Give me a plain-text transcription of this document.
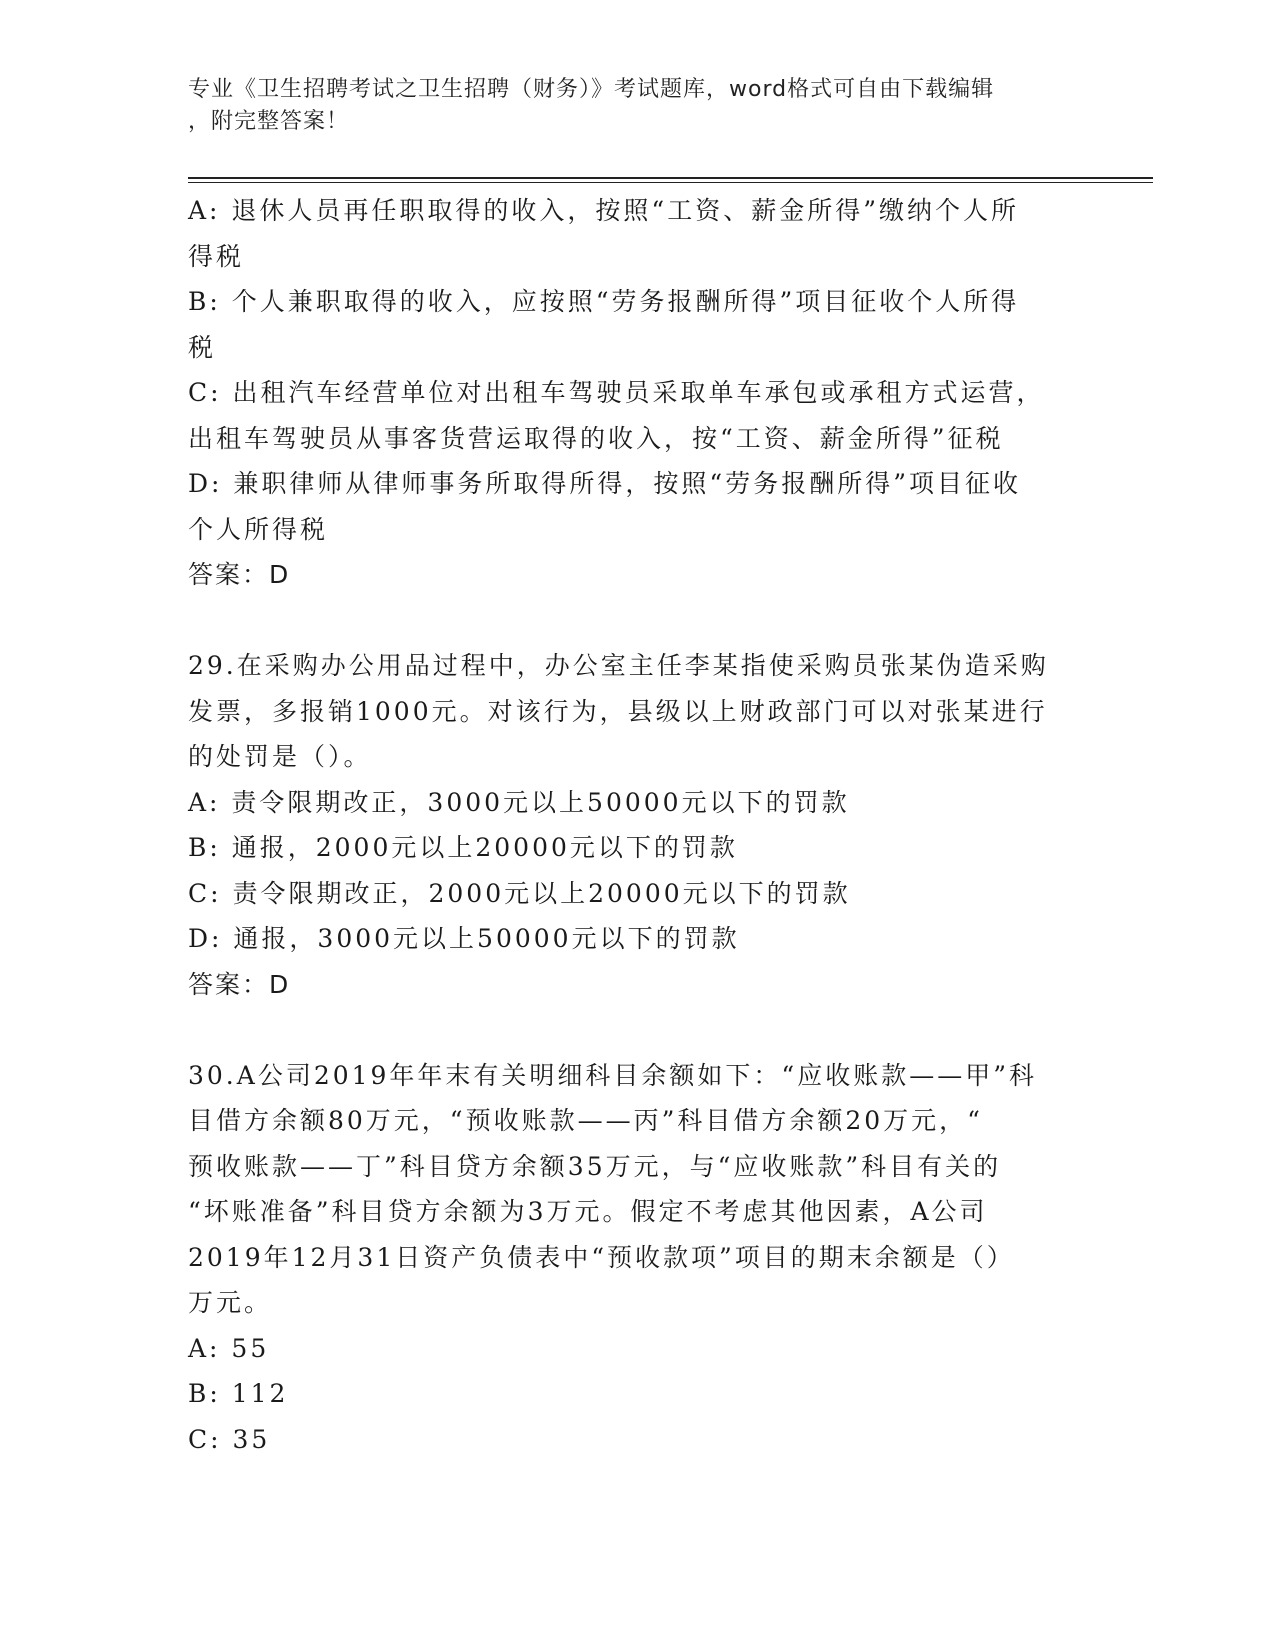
专业《卫生招聘考试之卫生招聘（财务）》考试题库，word格式可自由下载编辑
，附完整答案！
A: 退休人员再任职取得的收入，按照“工资、薪金所得”缴纳个人所
得税
B: 个人兼职取得的收入，应按照“劳务报酬所得”项目征收个人所得
税
C: 出租汽车经营单位对出租车驾驶员采取单车承包或承租方式运营，
出租车驾驶员从事客货营运取得的收入，按“工资、薪金所得”征税
D: 兼职律师从律师事务所取得所得，按照“劳务报酬所得”项目征收
个人所得税
答案：D
29.在采购办公用品过程中，办公室主任李某指使采购员张某伪造采购
发票，多报销1000元。对该行为，县级以上财政部门可以对张某进行
的处罚是（）。
A: 责令限期改正，3000元以上50000元以下的罚款
B: 通报，2000元以上20000元以下的罚款
C: 责令限期改正，2000元以上20000元以下的罚款
D: 通报，3000元以上50000元以下的罚款
答案：D
30.A公司2019年年末有关明细科目余额如下：“应收账款——甲”科
目借方余额80万元，“预收账款——丙”科目借方余额20万元，“
预收账款——丁”科目贷方余额35万元，与“应收账款”科目有关的
“坏账准备”科目贷方余额为3万元。假定不考虑其他因素，A公司
2019年12月31日资产负债表中“预收款项”项目的期末余额是（）
万元。
A: 55
B: 112
C: 35
